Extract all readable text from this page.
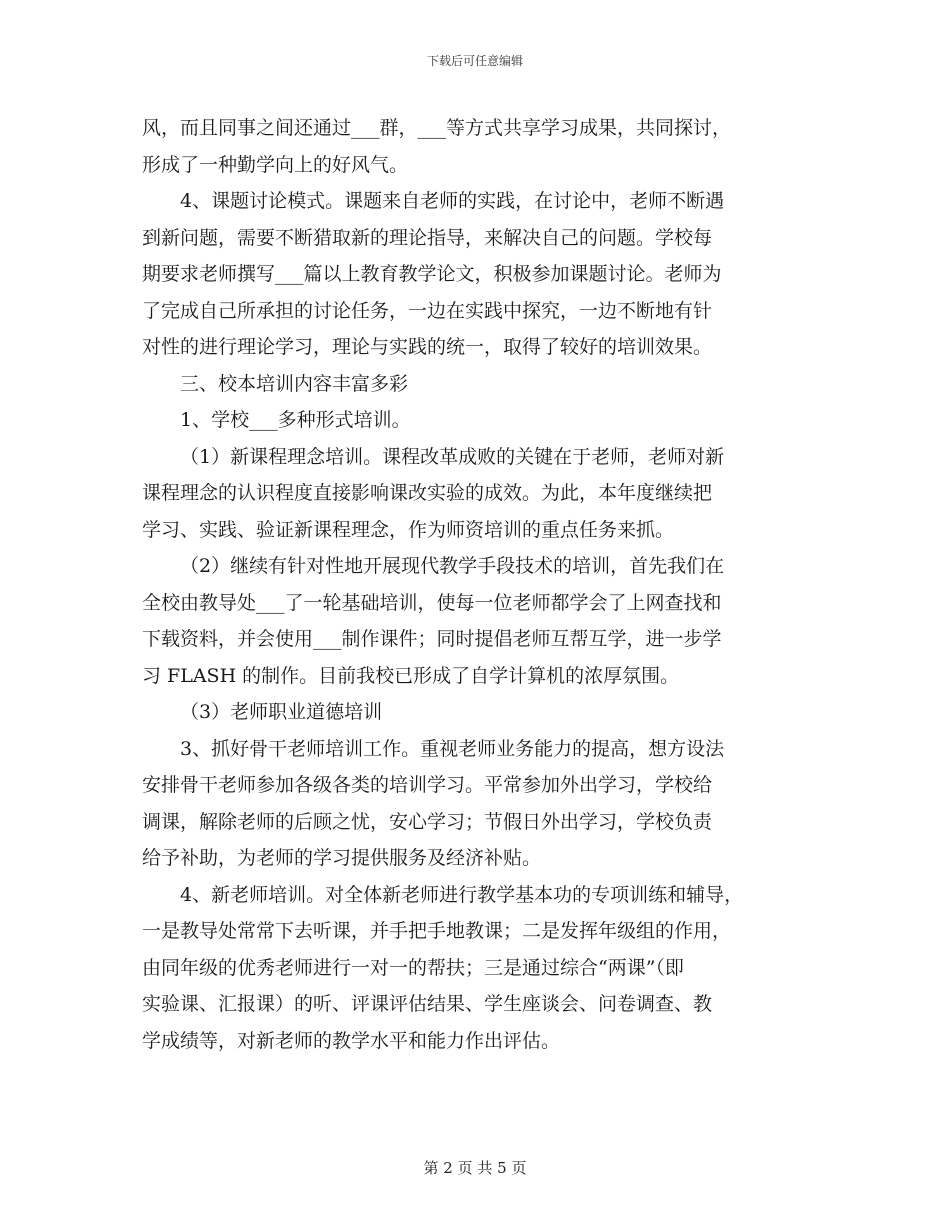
下载后可任意编辑
风，而且同事之间还通过___群，___等方式共享学习成果，共同探讨，
形成了一种勤学向上的好风气。
4、课题讨论模式。课题来自老师的实践，在讨论中，老师不断遇
到新问题，需要不断猎取新的理论指导，来解决自己的问题。学校每
期要求老师撰写___篇以上教育教学论文，积极参加课题讨论。老师为
了完成自己所承担的讨论任务，一边在实践中探究，一边不断地有针
对性的进行理论学习，理论与实践的统一，取得了较好的培训效果。
三、校本培训内容丰富多彩
1、学校___多种形式培训。
（1）新课程理念培训。课程改革成败的关键在于老师，老师对新
课程理念的认识程度直接影响课改实验的成效。为此，本年度继续把
学习、实践、验证新课程理念，作为师资培训的重点任务来抓。
（2）继续有针对性地开展现代教学手段技术的培训，首先我们在
全校由教导处___了一轮基础培训，使每一位老师都学会了上网查找和
下载资料，并会使用___制作课件；同时提倡老师互帮互学，进一步学
习 FLASH 的制作。目前我校已形成了自学计算机的浓厚氛围。
（3）老师职业道德培训
3、抓好骨干老师培训工作。重视老师业务能力的提高，想方设法
安排骨干老师参加各级各类的培训学习。平常参加外出学习，学校给
调课，解除老师的后顾之忧，安心学习；节假日外出学习，学校负责
给予补助，为老师的学习提供服务及经济补贴。
4、新老师培训。对全体新老师进行教学基本功的专项训练和辅导，
一是教导处常常下去听课，并手把手地教课；二是发挥年级组的作用，
由同年级的优秀老师进行一对一的帮扶；三是通过综合“两课”（即
实验课、汇报课）的听、评课评估结果、学生座谈会、问卷调查、教
学成绩等，对新老师的教学水平和能力作出评估。
第 2 页 共 5 页
